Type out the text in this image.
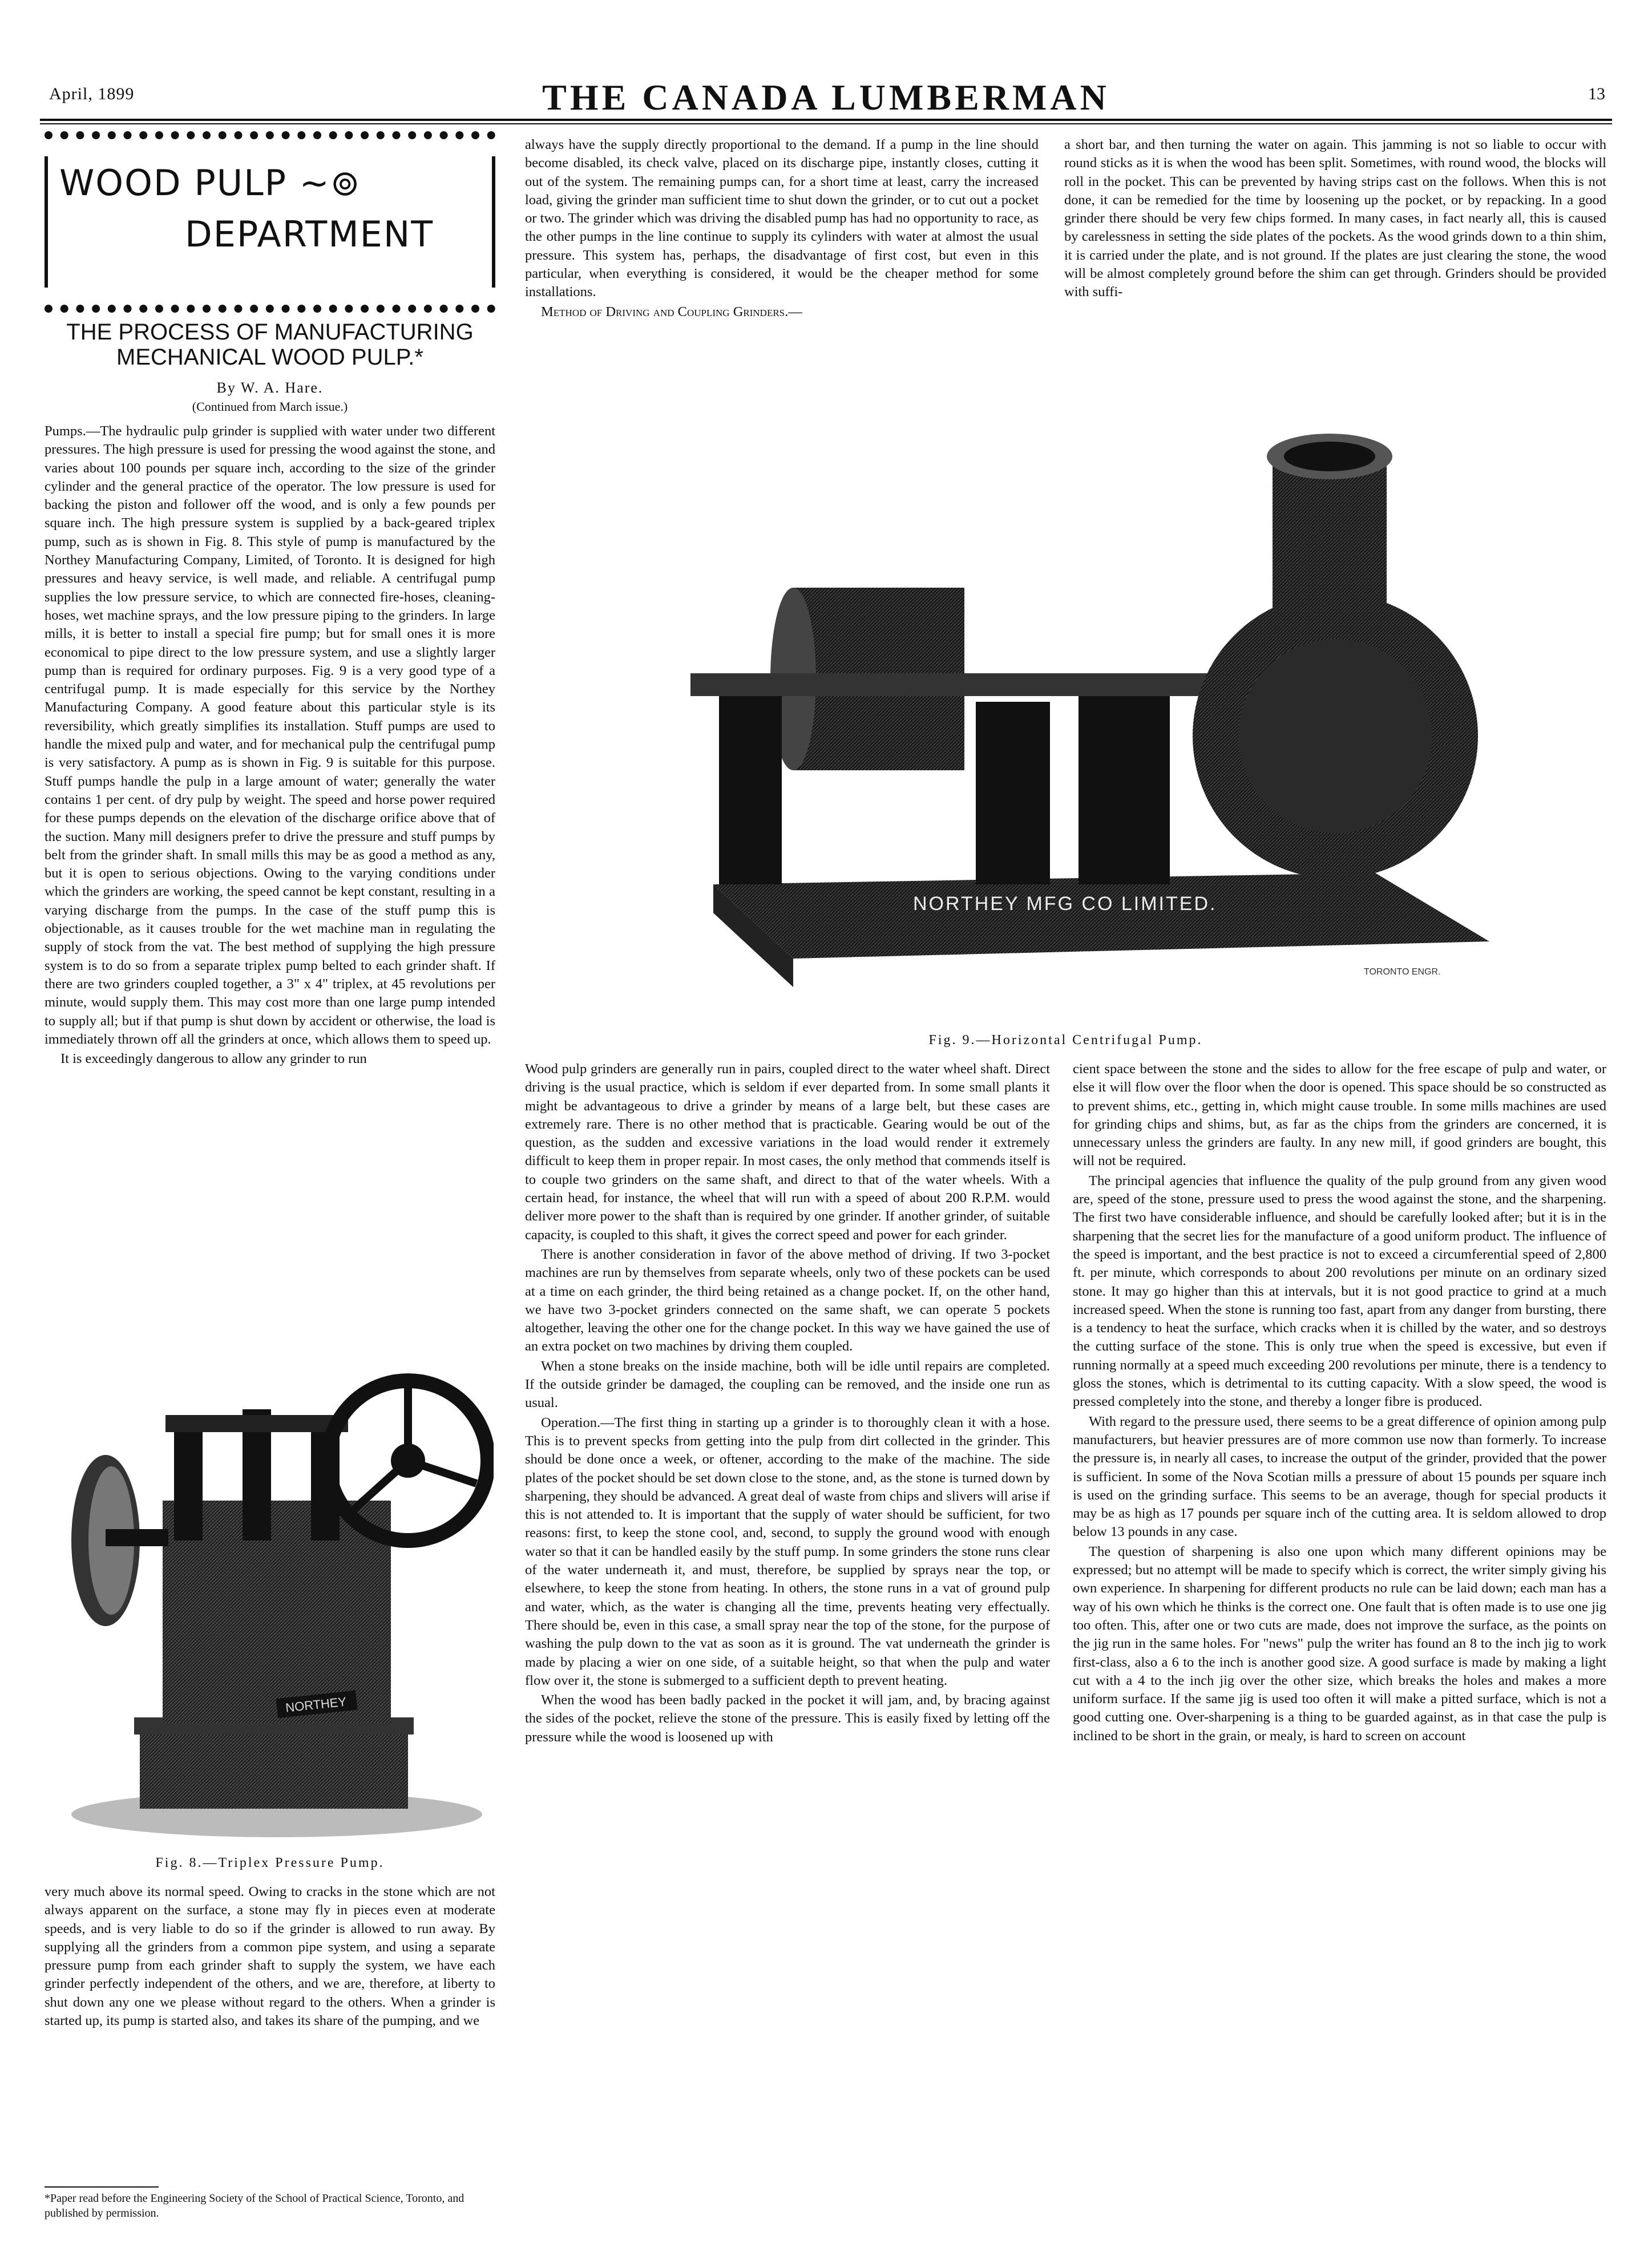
April, 1899	THE CANADA LUMBERMAN	13
WOOD PULP ~⊚
DEPARTMENT
THE PROCESS OF MANUFACTURING
MECHANICAL WOOD PULP.*
By W. A. Hare.
(Continued from March issue.)

Pumps.—The hydraulic pulp grinder is supplied with water under two different pressures. The high pressure is used for pressing the wood against the stone, and varies about 100 pounds per square inch, according to the size of the grinder cylinder and the general practice of the operator. The low pressure is used for backing the piston and follower off the wood, and is only a few pounds per square inch. The high pressure system is supplied by a back-geared triplex pump, such as is shown in Fig. 8. This style of pump is manufactured by the Northey Manufacturing Company, Limited, of Toronto. It is designed for high pressures and heavy service, is well made, and reliable. A centrifugal pump supplies the low pressure service, to which are connected fire-hoses, cleaning-hoses, wet machine sprays, and the low pressure piping to the grinders. In large mills, it is better to install a special fire pump; but for small ones it is more economical to pipe direct to the low pressure system, and use a slightly larger pump than is required for ordinary purposes. Fig. 9 is a very good type of a centrifugal pump. It is made especially for this service by the Northey Manufacturing Company. A good feature about this particular style is its reversibility, which greatly simplifies its installation. Stuff pumps are used to handle the mixed pulp and water, and for mechanical pulp the centrifugal pump is very satisfactory. A pump as is shown in Fig. 9 is suitable for this purpose. Stuff pumps handle the pulp in a large amount of water; generally the water contains 1 per cent. of dry pulp by weight. The speed and horse power required for these pumps depends on the elevation of the discharge orifice above that of the suction. Many mill designers prefer to drive the pressure and stuff pumps by belt from the grinder shaft. In small mills this may be as good a method as any, but it is open to serious objections. Owing to the varying conditions under which the grinders are working, the speed cannot be kept constant, resulting in a varying discharge from the pumps. In the case of the stuff pump this is objectionable, as it causes trouble for the wet machine man in regulating the supply of stock from the vat. The best method of supplying the high pressure system is to do so from a separate triplex pump belted to each grinder shaft. If there are two grinders coupled together, a 3" x 4" triplex, at 45 revolutions per minute, would supply them. This may cost more than one large pump intended to supply all; but if that pump is shut down by accident or otherwise, the load is immediately thrown off all the grinders at once, which allows them to speed up.

It is exceedingly dangerous to allow any grinder to run

NORTHEY
Fig. 8.—Triplex Pressure Pump.

very much above its normal speed. Owing to cracks in the stone which are not always apparent on the surface, a stone may fly in pieces even at moderate speeds, and is very liable to do so if the grinder is allowed to run away. By supplying all the grinders from a common pipe system, and using a separate pressure pump from each grinder shaft to supply the system, we have each grinder perfectly independent of the others, and we are, therefore, at liberty to shut down any one we please without regard to the others. When a grinder is started up, its pump is started also, and takes its share of the pumping, and we

*Paper read before the Engineering Society of the School of Practical Science, Toronto, and published by permission.

always have the supply directly proportional to the demand. If a pump in the line should become disabled, its check valve, placed on its discharge pipe, instantly closes, cutting it out of the system. The remaining pumps can, for a short time at least, carry the increased load, giving the grinder man sufficient time to shut down the grinder, or to cut out a pocket or two. The grinder which was driving the disabled pump has had no opportunity to race, as the other pumps in the line continue to supply its cylinders with water at almost the usual pressure. This system has, perhaps, the disadvantage of first cost, but even in this particular, when everything is considered, it would be the cheaper method for some installations.

Method of Driving and Coupling Grinders.—

a short bar, and then turning the water on again. This jamming is not so liable to occur with round sticks as it is when the wood has been split. Sometimes, with round wood, the blocks will roll in the pocket. This can be prevented by having strips cast on the follows. When this is not done, it can be remedied for the time by loosening up the pocket, or by repacking. In a good grinder there should be very few chips formed. In many cases, in fact nearly all, this is caused by carelessness in setting the side plates of the pockets. As the wood grinds down to a thin shim, it is carried under the plate, and is not ground. If the plates are just clearing the stone, the wood will be almost completely ground before the shim can get through. Grinders should be provided with suffi-

NORTHEY MFG CO LIMITED.
TORONTO ENGR.
Fig. 9.—Horizontal Centrifugal Pump.

Wood pulp grinders are generally run in pairs, coupled direct to the water wheel shaft. Direct driving is the usual practice, which is seldom if ever departed from. In some small plants it might be advantageous to drive a grinder by means of a large belt, but these cases are extremely rare. There is no other method that is practicable. Gearing would be out of the question, as the sudden and excessive variations in the load would render it extremely difficult to keep them in proper repair. In most cases, the only method that commends itself is to couple two grinders on the same shaft, and direct to that of the water wheels. With a certain head, for instance, the wheel that will run with a speed of about 200 R.P.M. would deliver more power to the shaft than is required by one grinder. If another grinder, of suitable capacity, is coupled to this shaft, it gives the correct speed and power for each grinder.

There is another consideration in favor of the above method of driving. If two 3-pocket machines are run by themselves from separate wheels, only two of these pockets can be used at a time on each grinder, the third being retained as a change pocket. If, on the other hand, we have two 3-pocket grinders connected on the same shaft, we can operate 5 pockets altogether, leaving the other one for the change pocket. In this way we have gained the use of an extra pocket on two machines by driving them coupled.

When a stone breaks on the inside machine, both will be idle until repairs are completed. If the outside grinder be damaged, the coupling can be removed, and the inside one run as usual.

Operation.—The first thing in starting up a grinder is to thoroughly clean it with a hose. This is to prevent specks from getting into the pulp from dirt collected in the grinder. This should be done once a week, or oftener, according to the make of the machine. The side plates of the pocket should be set down close to the stone, and, as the stone is turned down by sharpening, they should be advanced. A great deal of waste from chips and slivers will arise if this is not attended to. It is important that the supply of water should be sufficient, for two reasons: first, to keep the stone cool, and, second, to supply the ground wood with enough water so that it can be handled easily by the stuff pump. In some grinders the stone runs clear of the water underneath it, and must, therefore, be supplied by sprays near the top, or elsewhere, to keep the stone from heating. In others, the stone runs in a vat of ground pulp and water, which, as the water is changing all the time, prevents heating very effectually. There should be, even in this case, a small spray near the top of the stone, for the purpose of washing the pulp down to the vat as soon as it is ground. The vat underneath the grinder is made by placing a wier on one side, of a suitable height, so that when the pulp and water flow over it, the stone is submerged to a sufficient depth to prevent heating.

When the wood has been badly packed in the pocket it will jam, and, by bracing against the sides of the pocket, relieve the stone of the pressure. This is easily fixed by letting off the pressure while the wood is loosened up with

cient space between the stone and the sides to allow for the free escape of pulp and water, or else it will flow over the floor when the door is opened. This space should be so constructed as to prevent shims, etc., getting in, which might cause trouble. In some mills machines are used for grinding chips and shims, but, as far as the chips from the grinders are concerned, it is unnecessary unless the grinders are faulty. In any new mill, if good grinders are bought, this will not be required.

The principal agencies that influence the quality of the pulp ground from any given wood are, speed of the stone, pressure used to press the wood against the stone, and the sharpening. The first two have considerable influence, and should be carefully looked after; but it is in the sharpening that the secret lies for the manufacture of a good uniform product. The influence of the speed is important, and the best practice is not to exceed a circumferential speed of 2,800 ft. per minute, which corresponds to about 200 revolutions per minute on an ordinary sized stone. It may go higher than this at intervals, but it is not good practice to grind at a much increased speed. When the stone is running too fast, apart from any danger from bursting, there is a tendency to heat the surface, which cracks when it is chilled by the water, and so destroys the cutting surface of the stone. This is only true when the speed is excessive, but even if running normally at a speed much exceeding 200 revolutions per minute, there is a tendency to gloss the stones, which is detrimental to its cutting capacity. With a slow speed, the wood is pressed completely into the stone, and thereby a longer fibre is produced.

With regard to the pressure used, there seems to be a great difference of opinion among pulp manufacturers, but heavier pressures are of more common use now than formerly. To increase the pressure is, in nearly all cases, to increase the output of the grinder, provided that the power is sufficient. In some of the Nova Scotian mills a pressure of about 15 pounds per square inch is used on the grinding surface. This seems to be an average, though for special products it may be as high as 17 pounds per square inch of the cutting area. It is seldom allowed to drop below 13 pounds in any case.

The question of sharpening is also one upon which many different opinions may be expressed; but no attempt will be made to specify which is correct, the writer simply giving his own experience. In sharpening for different products no rule can be laid down; each man has a way of his own which he thinks is the correct one. One fault that is often made is to use one jig too often. This, after one or two cuts are made, does not improve the surface, as the points on the jig run in the same holes. For "news" pulp the writer has found an 8 to the inch jig to work first-class, also a 6 to the inch is another good size. A good surface is made by making a light cut with a 4 to the inch jig over the other size, which breaks the holes and makes a more uniform surface. If the same jig is used too often it will make a pitted surface, which is not a good cutting one. Over-sharpening is a thing to be guarded against, as in that case the pulp is inclined to be short in the grain, or mealy, is hard to screen on account
